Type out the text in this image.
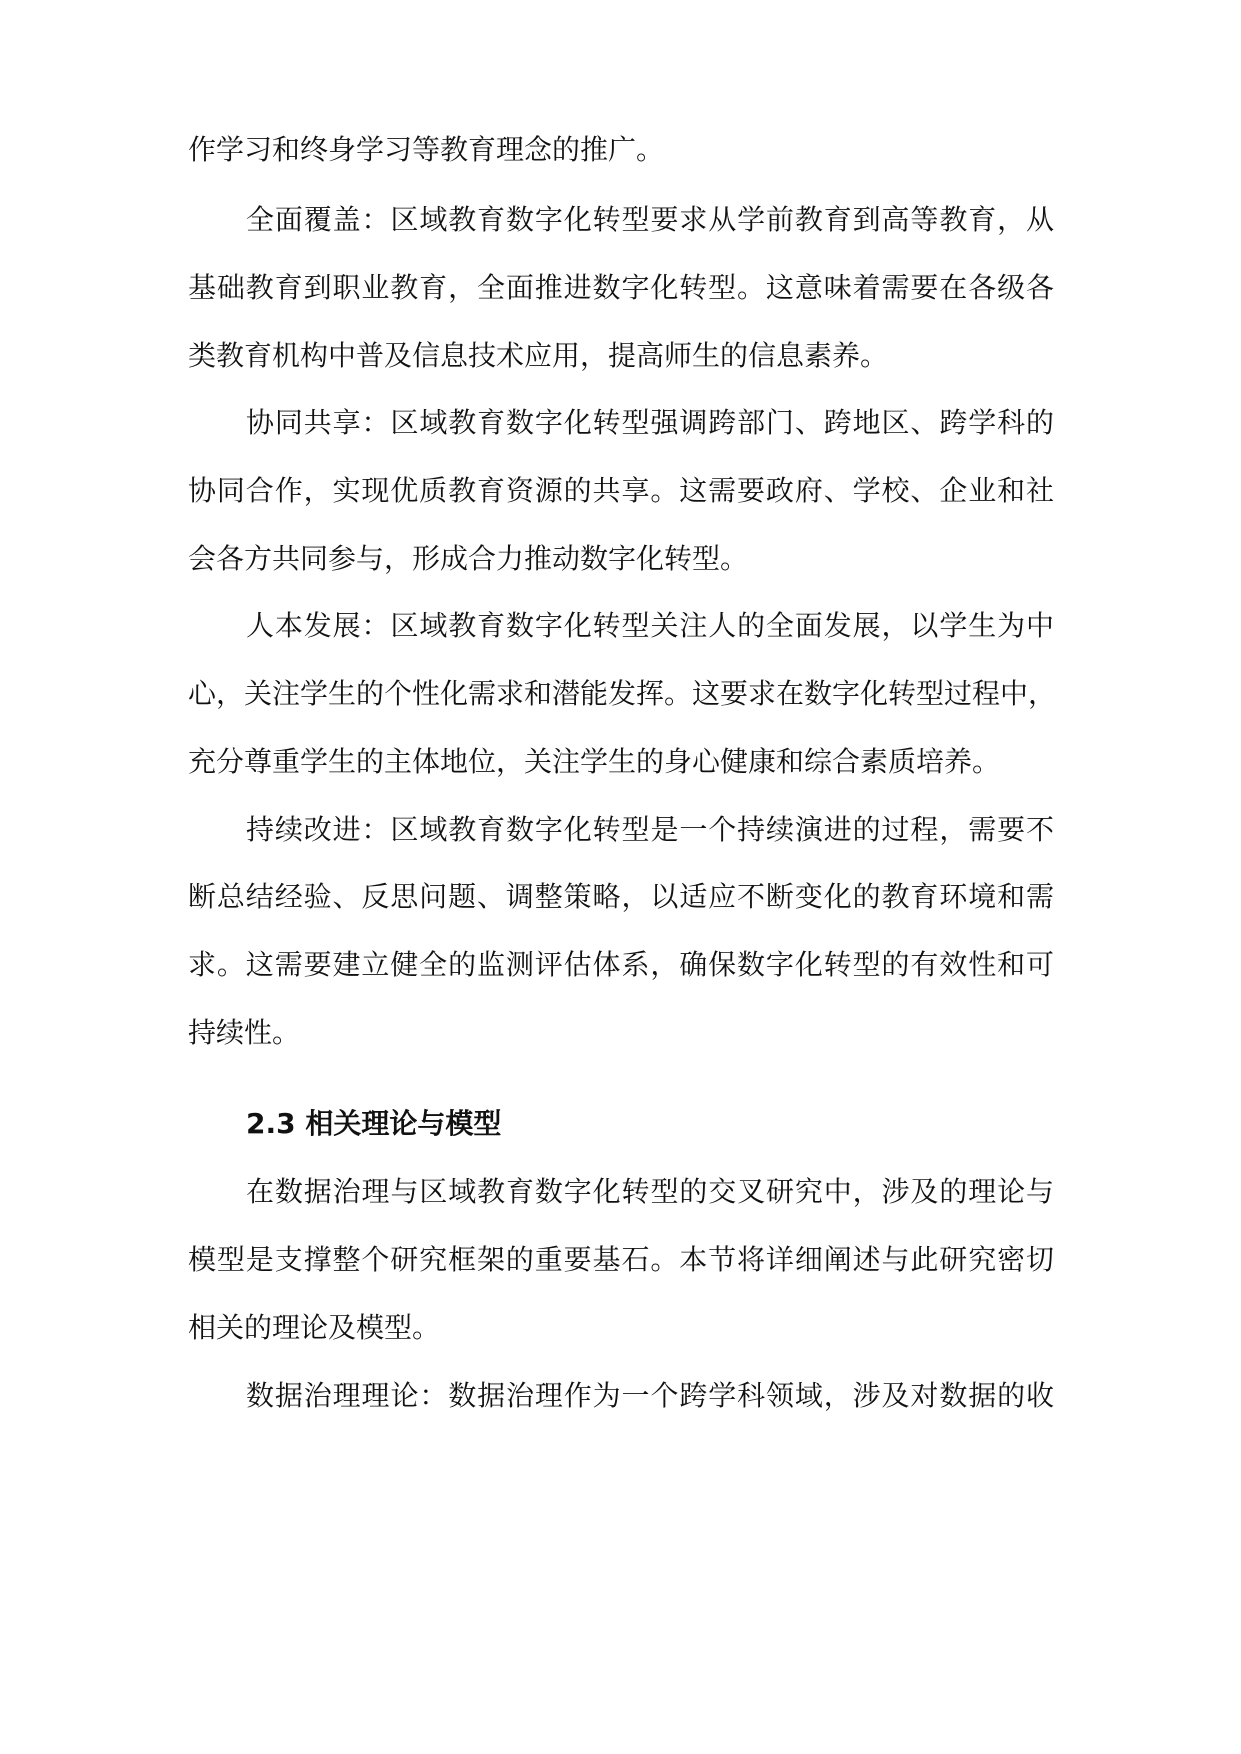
作学习和终身学习等教育理念的推广。
全面覆盖：区域教育数字化转型要求从学前教育到高等教育，从
基础教育到职业教育，全面推进数字化转型。这意味着需要在各级各
类教育机构中普及信息技术应用，提高师生的信息素养。
协同共享：区域教育数字化转型强调跨部门、跨地区、跨学科的
协同合作，实现优质教育资源的共享。这需要政府、学校、企业和社
会各方共同参与，形成合力推动数字化转型。
人本发展：区域教育数字化转型关注人的全面发展，以学生为中
心，关注学生的个性化需求和潜能发挥。这要求在数字化转型过程中，
充分尊重学生的主体地位，关注学生的身心健康和综合素质培养。
持续改进：区域教育数字化转型是一个持续演进的过程，需要不
断总结经验、反思问题、调整策略，以适应不断变化的教育环境和需
求。这需要建立健全的监测评估体系，确保数字化转型的有效性和可
持续性。
2.3 相关理论与模型
在数据治理与区域教育数字化转型的交叉研究中，涉及的理论与
模型是支撑整个研究框架的重要基石。本节将详细阐述与此研究密切
相关的理论及模型。
数据治理理论：数据治理作为一个跨学科领域，涉及对数据的收
